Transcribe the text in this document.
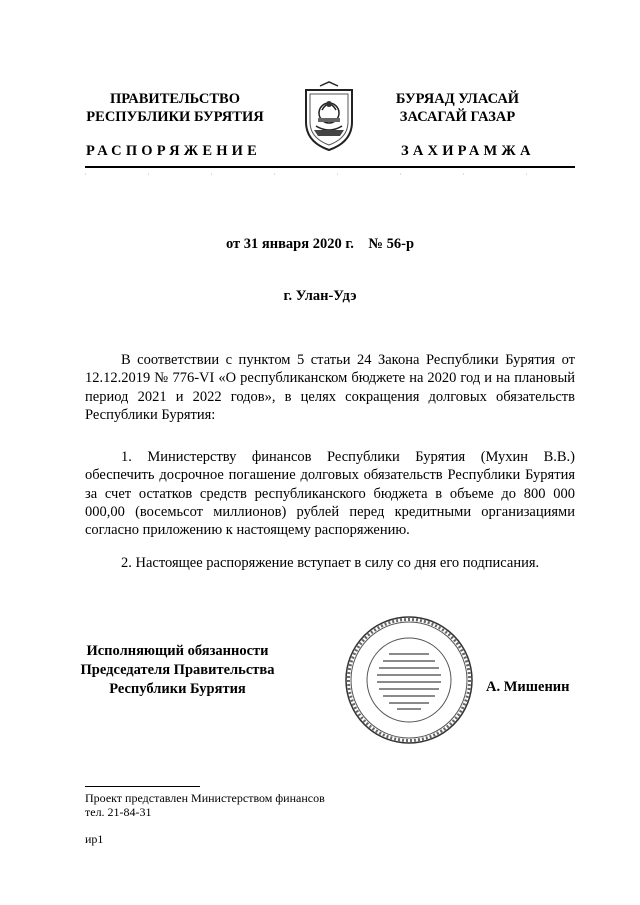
ПРАВИТЕЛЬСТВО
РЕСПУБЛИКИ БУРЯТИЯ
БУРЯАД УЛАСАЙ
ЗАСАГАЙ ГАЗАР
РАСПОРЯЖЕНИЕ	ЗАХИРАМЖА
от 31 января 2020 г. № 56-р
г. Улан-Удэ
В соответствии с пунктом 5 статьи 24 Закона Республики Бурятия от 12.12.2019 № 776-VI «О республиканском бюджете на 2020 год и на плановый период 2021 и 2022 годов», в целях сокращения долговых обязательств Республики Бурятия:
1. Министерству финансов Республики Бурятия (Мухин В.В.) обеспечить досрочное погашение долговых обязательств Республики Бурятия за счет остатков средств республиканского бюджета в объеме до 800 000 000,00 (восемьсот миллионов) рублей перед кредитными организациями согласно приложению к настоящему распоряжению.
2. Настоящее распоряжение вступает в силу со дня его подписания.
Исполняющий обязанности
Председателя Правительства
Республики Бурятия	А. Мишенин
Проект представлен Министерством финансов
тел. 21-84-31
ир1
